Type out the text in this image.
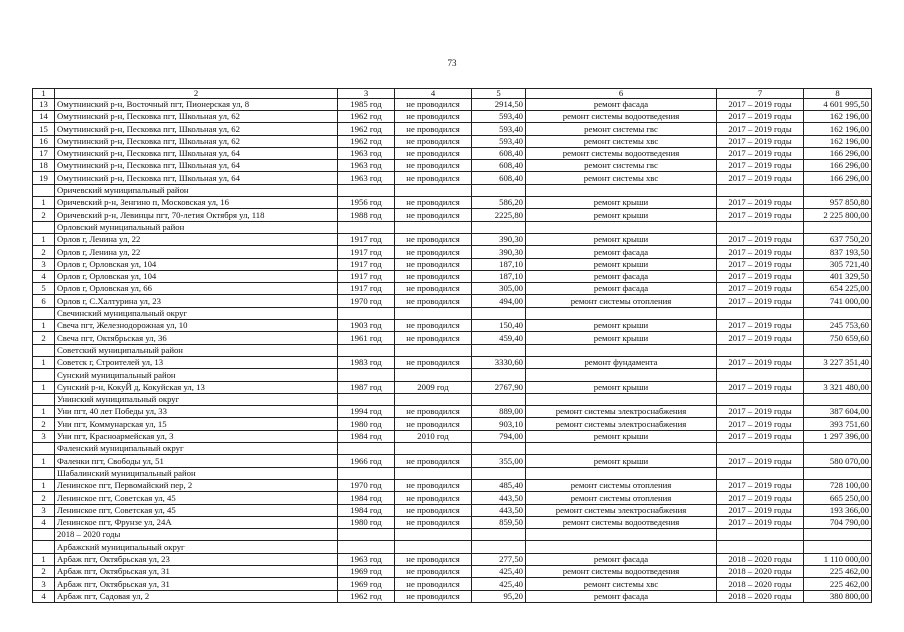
73
1	2	3	4	5	6	7	8
13	Омутнинский р-н, Восточный пгт, Пионерская ул, 8	1985 год	не проводился	2914,50	ремонт фасада	2017 – 2019 годы	4 601 995,50
14	Омутнинский р-н, Песковка пгт, Школьная ул, 62	1962 год	не проводился	593,40	ремонт системы водоотведения	2017 – 2019 годы	162 196,00
15	Омутнинский р-н, Песковка пгт, Школьная ул, 62	1962 год	не проводился	593,40	ремонт системы гвс	2017 – 2019 годы	162 196,00
16	Омутнинский р-н, Песковка пгт, Школьная ул, 62	1962 год	не проводился	593,40	ремонт системы хвс	2017 – 2019 годы	162 196,00
17	Омутнинский р-н, Песковка пгт, Школьная ул, 64	1963 год	не проводился	608,40	ремонт системы водоотведения	2017 – 2019 годы	166 296,00
18	Омутнинский р-н, Песковка пгт, Школьная ул, 64	1963 год	не проводился	608,40	ремонт системы гвс	2017 – 2019 годы	166 296,00
19	Омутнинский р-н, Песковка пгт, Школьная ул, 64	1963 год	не проводился	608,40	ремонт системы хвс	2017 – 2019 годы	166 296,00
	Оричевский муниципальный район						
1	Оричевский р-н, Зенгино п, Московская ул, 16	1956 год	не проводился	586,20	ремонт крыши	2017 – 2019 годы	957 850,80
2	Оричевский р-н, Левинцы пгт, 70-летия Октября ул, 118	1988 год	не проводился	2225,80	ремонт крыши	2017 – 2019 годы	2 225 800,00
	Орловский муниципальный район						
1	Орлов г, Ленина ул, 22	1917 год	не проводился	390,30	ремонт крыши	2017 – 2019 годы	637 750,20
2	Орлов г, Ленина ул, 22	1917 год	не проводился	390,30	ремонт фасада	2017 – 2019 годы	837 193,50
3	Орлов г, Орловская ул, 104	1917 год	не проводился	187,10	ремонт крыши	2017 – 2019 годы	305 721,40
4	Орлов г, Орловская ул, 104	1917 год	не проводился	187,10	ремонт фасада	2017 – 2019 годы	401 329,50
5	Орлов г, Орловская ул, 66	1917 год	не проводился	305,00	ремонт фасада	2017 – 2019 годы	654 225,00
6	Орлов г, С.Халтурина ул, 23	1970 год	не проводился	494,00	ремонт системы отопления	2017 – 2019 годы	741 000,00
	Свечинский муниципальный округ						
1	Свеча пгт, Железнодорожная ул, 10	1903 год	не проводился	150,40	ремонт крыши	2017 – 2019 годы	245 753,60
2	Свеча пгт, Октябрьская ул, 36	1961 год	не проводился	459,40	ремонт крыши	2017 – 2019 годы	750 659,60
	Советский муниципальный район						
1	Советск г, Строителей ул, 13	1983 год	не проводился	3330,60	ремонт фундамента	2017 – 2019 годы	3 227 351,40
	Сунский муниципальный район						
1	Сунский р-н, КокуЙ д, Кокуйская ул, 13	1987 год	2009 год	2767,90	ремонт крыши	2017 – 2019 годы	3 321 480,00
	Унинский муниципальный округ						
1	Уни пгт, 40 лет Победы ул, 33	1994 год	не проводился	889,00	ремонт системы электроснабжения	2017 – 2019 годы	387 604,00
2	Уни пгт, Коммунарская ул, 15	1980 год	не проводился	903,10	ремонт системы электроснабжения	2017 – 2019 годы	393 751,60
3	Уни пгт, Красноармейская ул, 3	1984 год	2010 год	794,00	ремонт крыши	2017 – 2019 годы	1 297 396,00
	Фаленский муниципальный округ						
1	Фаленки пгт, Свободы ул, 51	1966 год	не проводился	355,00	ремонт крыши	2017 – 2019 годы	580 070,00
	Шабалинский муниципальный район						
1	Ленинское пгт, Первомайский пер, 2	1970 год	не проводился	485,40	ремонт системы отопления	2017 – 2019 годы	728 100,00
2	Ленинское пгт, Советская ул, 45	1984 год	не проводился	443,50	ремонт системы отопления	2017 – 2019 годы	665 250,00
3	Ленинское пгт, Советская ул, 45	1984 год	не проводился	443,50	ремонт системы электроснабжения	2017 – 2019 годы	193 366,00
4	Ленинское пгт, Фрунзе ул, 24А	1980 год	не проводился	859,50	ремонт системы водоотведения	2017 – 2019 годы	704 790,00
	2018 – 2020 годы						
	Арбажский муниципальный округ						
1	Арбаж пгт, Октябрьская ул, 23	1963 год	не проводился	277,50	ремонт фасада	2018 – 2020 годы	1 110 000,00
2	Арбаж пгт, Октябрьская ул, 31	1969 год	не проводился	425,40	ремонт системы водоотведения	2018 – 2020 годы	225 462,00
3	Арбаж пгт, Октябрьская ул, 31	1969 год	не проводился	425,40	ремонт системы хвс	2018 – 2020 годы	225 462,00
4	Арбаж пгт, Садовая ул, 2	1962 год	не проводился	95,20	ремонт фасада	2018 – 2020 годы	380 800,00
